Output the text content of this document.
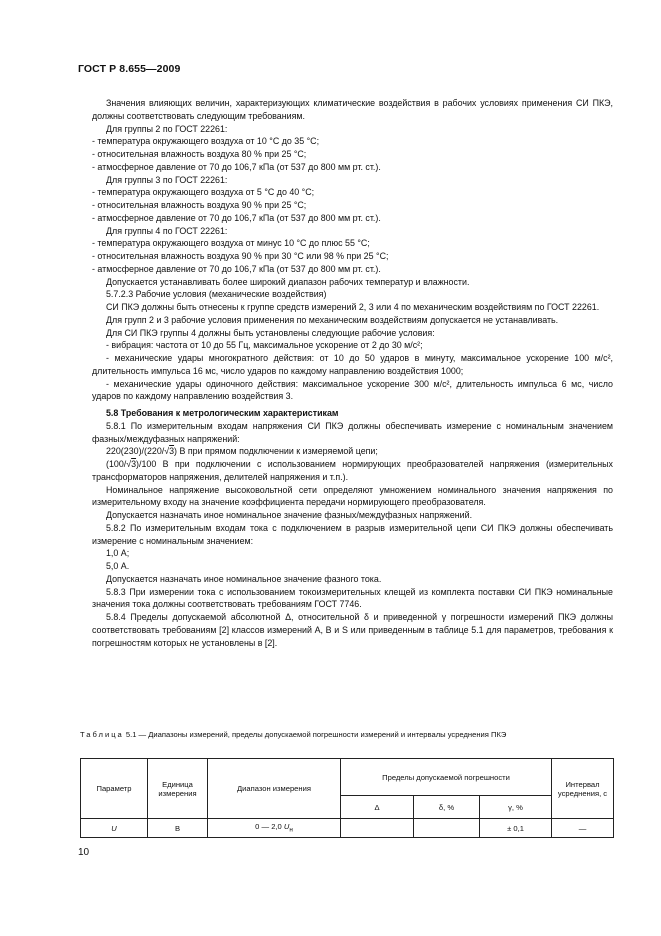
ГОСТ Р 8.655—2009

Значения влияющих величин, характеризующих климатические воздействия в рабочих условиях применения СИ ПКЭ, должны соответствовать следующим требованиям.

Для группы 2 по ГОСТ 22261:

- температура окружающего воздуха от 10 °С до 35 °С;

- относительная влажность воздуха 80 % при 25 °С;

- атмосферное давление от 70 до 106,7 кПа (от 537 до 800 мм рт. ст.).

Для группы 3 по ГОСТ 22261:

- температура окружающего воздуха от 5 °С до 40 °С;

- относительная влажность воздуха 90 % при 25 °С;

- атмосферное давление от 70 до 106,7 кПа (от 537 до 800 мм рт. ст.).

Для группы 4 по ГОСТ 22261:

- температура окружающего воздуха от минус 10 °С до плюс 55 °С;

- относительная влажность воздуха 90 % при 30 °С или 98 % при 25 °С;

- атмосферное давление от 70 до 106,7 кПа (от 537 до 800 мм рт. ст.).

Допускается устанавливать более широкий диапазон рабочих температур и влажности.

5.7.2.3 Рабочие условия (механические воздействия)

СИ ПКЭ должны быть отнесены к группе средств измерений 2, 3 или 4 по механическим воздействиям по ГОСТ 22261.

Для групп 2 и 3 рабочие условия применения по механическим воздействиям допускается не устанавливать.

Для СИ ПКЭ группы 4 должны быть установлены следующие рабочие условия:

- вибрация: частота от 10 до 55 Гц, максимальное ускорение от 2 до 30 м/с²;

- механические удары многократного действия: от 10 до 50 ударов в минуту, максимальное ускорение 100 м/с², длительность импульса 16 мс, число ударов по каждому направлению воздействия 1000;

- механические удары одиночного действия: максимальное ускорение 300 м/с², длительность импульса 6 мс, число ударов по каждому направлению воздействия 3.

5.8 Требования к метрологическим характеристикам

5.8.1 По измерительным входам напряжения СИ ПКЭ должны обеспечивать измерение с номинальным значением фазных/междуфазных напряжений:

220(230)/(220/√3) В при прямом подключении к измеряемой цепи;

(100/√3)/100 В при подключении с использованием нормирующих преобразователей напряжения (измерительных трансформаторов напряжения, делителей напряжения и т.п.).

Номинальное напряжение высоковольтной сети определяют умножением номинального значения напряжения по измерительному входу на значение коэффициента передачи нормирующего преобразователя.

Допускается назначать иное номинальное значение фазных/междуфазных напряжений.

5.8.2 По измерительным входам тока с подключением в разрыв измерительной цепи СИ ПКЭ должны обеспечивать измерение с номинальным значением:

1,0 А;

5,0 А.

Допускается назначать иное номинальное значение фазного тока.

5.8.3 При измерении тока с использованием токоизмерительных клещей из комплекта поставки СИ ПКЭ номинальные значения тока должны соответствовать требованиям ГОСТ 7746.

5.8.4 Пределы допускаемой абсолютной Δ, относительной δ и приведенной γ погрешности измерений ПКЭ должны соответствовать требованиям [2] классов измерений А, В и S или приведенным в таблице 5.1 для параметров, требования к погрешностям которых не установлены в [2].

Таблица 5.1 — Диапазоны измерений, пределы допускаемой погрешности измерений и интервалы усреднения ПКЭ
Параметр	Единица измерения	Диапазон измерения	Пределы допускаемой погрешности			Интервал усреднения, с
			Δ	δ, %	γ, %	
U	В	0 — 2,0 $U_н$			± 0,1	—
10
